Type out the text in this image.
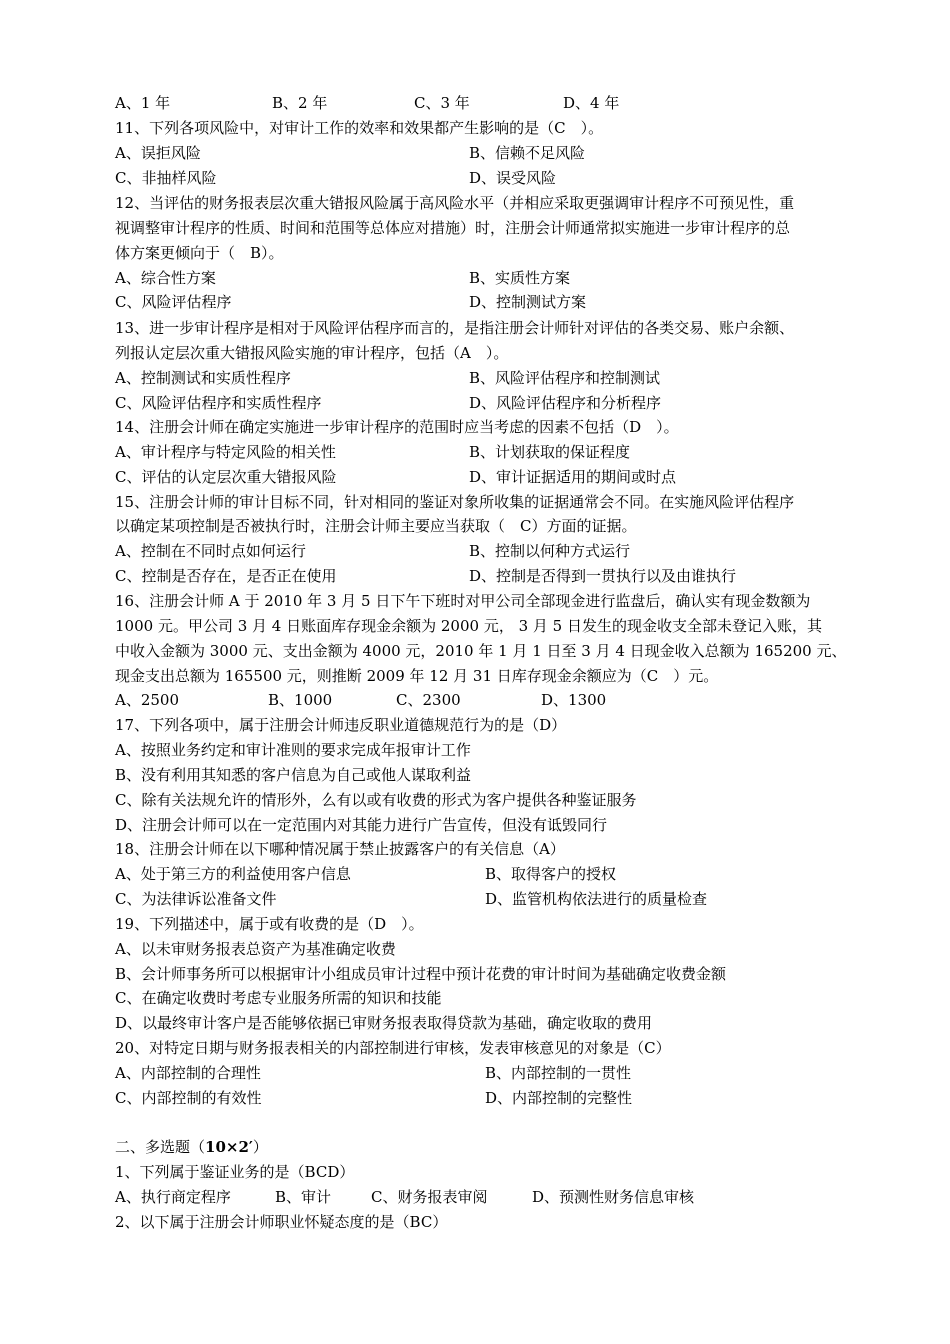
A、1 年	B、2 年	C、3 年	D、4 年
11、下列各项风险中，对审计工作的效率和效果都产生影响的是（C　）。
A、误拒风险	B、信赖不足风险
C、非抽样风险	D、误受风险
12、当评估的财务报表层次重大错报风险属于高风险水平（并相应采取更强调审计程序不可预见性，重
视调整审计程序的性质、时间和范围等总体应对措施）时，注册会计师通常拟实施进一步审计程序的总
体方案更倾向于（　B）。
A、综合性方案	B、实质性方案
C、风险评估程序	D、控制测试方案
13、进一步审计程序是相对于风险评估程序而言的，是指注册会计师针对评估的各类交易、账户余额、
列报认定层次重大错报风险实施的审计程序，包括（A　）。
A、控制测试和实质性程序	B、风险评估程序和控制测试
C、风险评估程序和实质性程序	D、风险评估程序和分析程序
14、注册会计师在确定实施进一步审计程序的范围时应当考虑的因素不包括（D　）。
A、审计程序与特定风险的相关性	B、计划获取的保证程度
C、评估的认定层次重大错报风险	D、审计证据适用的期间或时点
15、注册会计师的审计目标不同，针对相同的鉴证对象所收集的证据通常会不同。在实施风险评估程序
以确定某项控制是否被执行时，注册会计师主要应当获取（　C）方面的证据。
A、控制在不同时点如何运行	B、控制以何种方式运行
C、控制是否存在，是否正在使用	D、控制是否得到一贯执行以及由谁执行
16、注册会计师 A 于 2010 年 3 月 5 日下午下班时对甲公司全部现金进行监盘后，确认实有现金数额为
1000 元。甲公司 3 月 4 日账面库存现金余额为 2000 元， 3 月 5 日发生的现金收支全部未登记入账，其
中收入金额为 3000 元、支出金额为 4000 元，2010 年 1 月 1 日至 3 月 4 日现金收入总额为 165200 元、
现金支出总额为 165500 元，则推断 2009 年 12 月 31 日库存现金余额应为（C　）元。
A、2500	B、1000	C、2300	D、1300
17、下列各项中，属于注册会计师违反职业道德规范行为的是（D）
A、按照业务约定和审计准则的要求完成年报审计工作
B、没有利用其知悉的客户信息为自己或他人谋取利益
C、除有关法规允许的情形外，么有以或有收费的形式为客户提供各种鉴证服务
D、注册会计师可以在一定范围内对其能力进行广告宣传，但没有诋毁同行
18、注册会计师在以下哪种情况属于禁止披露客户的有关信息（A）
A、处于第三方的利益使用客户信息	B、取得客户的授权
C、为法律诉讼准备文件	D、监管机构依法进行的质量检查
19、下列描述中，属于或有收费的是（D　）。
A、以未审财务报表总资产为基准确定收费
B、会计师事务所可以根据审计小组成员审计过程中预计花费的审计时间为基础确定收费金额
C、在确定收费时考虑专业服务所需的知识和技能
D、以最终审计客户是否能够依据已审财务报表取得贷款为基础，确定收取的费用
20、对特定日期与财务报表相关的内部控制进行审核，发表审核意见的对象是（C）
A、内部控制的合理性	B、内部控制的一贯性
C、内部控制的有效性	D、内部控制的完整性
二、多选题（10×2′）
1、下列属于鉴证业务的是（BCD）
A、执行商定程序	B、审计	C、财务报表审阅	D、预测性财务信息审核
2、以下属于注册会计师职业怀疑态度的是（BC）
